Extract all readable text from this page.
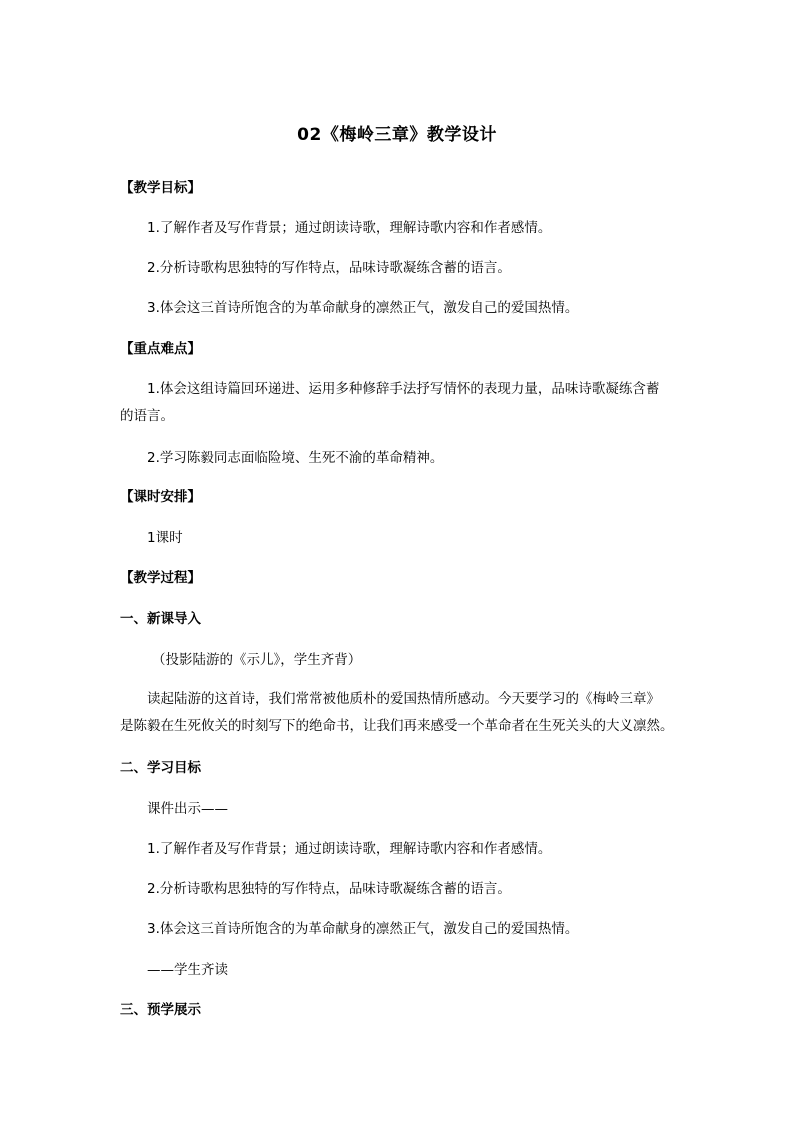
02《梅岭三章》教学设计
【教学目标】
1.了解作者及写作背景；通过朗读诗歌，理解诗歌内容和作者感情。
2.分析诗歌构思独特的写作特点，品味诗歌凝练含蓄的语言。
3.体会这三首诗所饱含的为革命献身的凛然正气，激发自己的爱国热情。
【重点难点】
1.体会这组诗篇回环递进、运用多种修辞手法抒写情怀的表现力量，品味诗歌凝练含蓄
的语言。
2.学习陈毅同志面临险境、生死不渝的革命精神。
【课时安排】
1课时
【教学过程】
一、新课导入
（投影陆游的《示儿》，学生齐背）
读起陆游的这首诗，我们常常被他质朴的爱国热情所感动。今天要学习的《梅岭三章》
是陈毅在生死攸关的时刻写下的绝命书，让我们再来感受一个革命者在生死关头的大义凛然。
二、学习目标
课件出示——
1.了解作者及写作背景；通过朗读诗歌，理解诗歌内容和作者感情。
2.分析诗歌构思独特的写作特点，品味诗歌凝练含蓄的语言。
3.体会这三首诗所饱含的为革命献身的凛然正气，激发自己的爱国热情。
——学生齐读
三、预学展示
